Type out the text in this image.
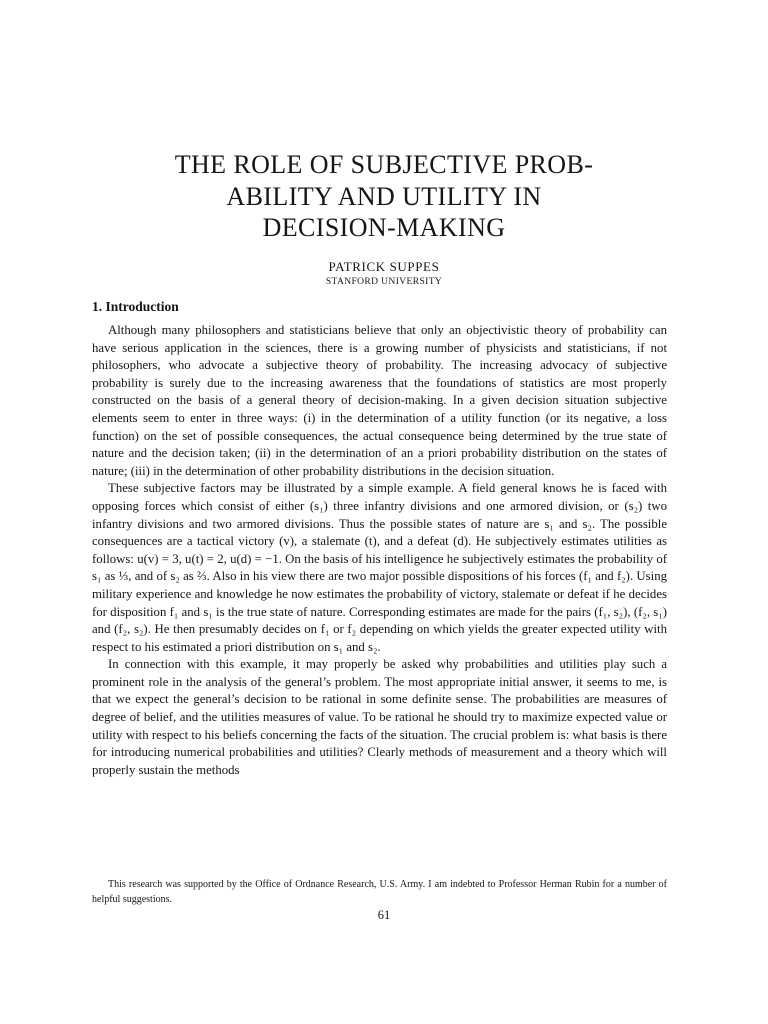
THE ROLE OF SUBJECTIVE PROB-
ABILITY AND UTILITY IN
DECISION-MAKING

PATRICK SUPPES

STANFORD UNIVERSITY

1. Introduction

Although many philosophers and statisticians believe that only an objectivistic theory of probability can have serious application in the sciences, there is a growing number of physicists and statisticians, if not philosophers, who advocate a subjective theory of probability. The increasing advocacy of subjective probability is surely due to the increasing awareness that the foundations of statistics are most properly constructed on the basis of a general theory of decision-making. In a given decision situation subjective elements seem to enter in three ways: (i) in the determination of a utility function (or its negative, a loss function) on the set of possible consequences, the actual consequence being determined by the true state of nature and the decision taken; (ii) in the determination of an a priori probability distribution on the states of nature; (iii) in the determination of other probability distributions in the decision situation.

These subjective factors may be illustrated by a simple example. A field general knows he is faced with opposing forces which consist of either (s₁) three infantry divisions and one armored division, or (s₂) two infantry divisions and two armored divisions. Thus the possible states of nature are s₁ and s₂. The possible consequences are a tactical victory (v), a stalemate (t), and a defeat (d). He subjectively estimates utilities as follows: u(v) = 3, u(t) = 2, u(d) = −1. On the basis of his intelligence he subjectively estimates the probability of s₁ as ⅓, and of s₂ as ⅔. Also in his view there are two major possible dispositions of his forces (f₁ and f₂). Using military experience and knowledge he now estimates the probability of victory, stalemate or defeat if he decides for disposition f₁ and s₁ is the true state of nature. Corresponding estimates are made for the pairs (f₁, s₂), (f₂, s₁) and (f₂, s₂). He then presumably decides on f₁ or f₂ depending on which yields the greater expected utility with respect to his estimated a priori distribution on s₁ and s₂.

In connection with this example, it may properly be asked why probabilities and utilities play such a prominent role in the analysis of the general’s problem. The most appropriate initial answer, it seems to me, is that we expect the general’s decision to be rational in some definite sense. The probabilities are measures of degree of belief, and the utilities measures of value. To be rational he should try to maximize expected value or utility with respect to his beliefs concerning the facts of the situation. The crucial problem is: what basis is there for introducing numerical probabilities and utilities? Clearly methods of measurement and a theory which will properly sustain the methods

This research was supported by the Office of Ordnance Research, U.S. Army. I am indebted to Professor Herman Rubin for a number of helpful suggestions.

61
